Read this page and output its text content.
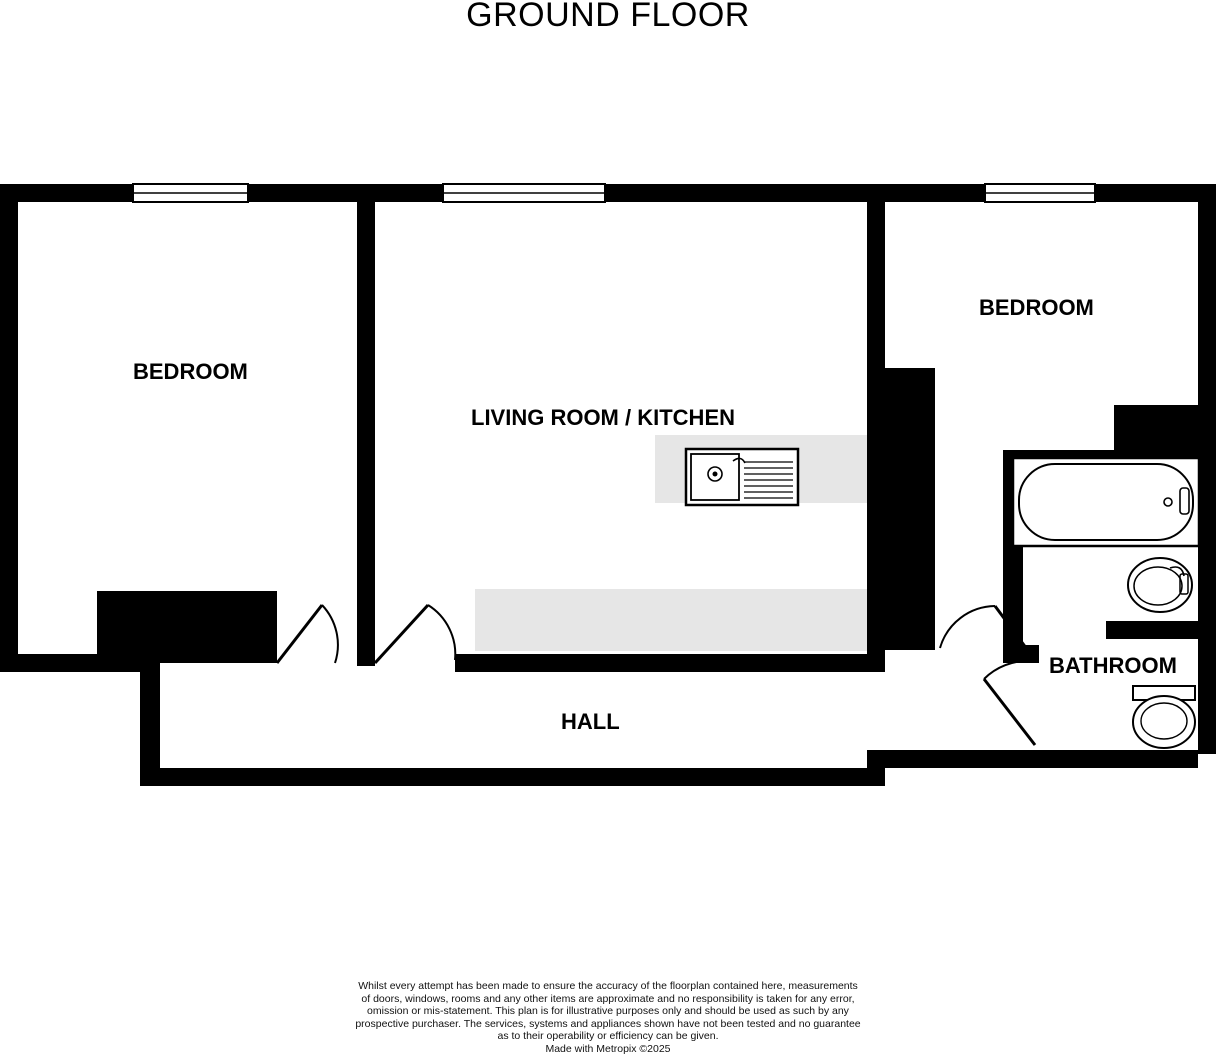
GROUND FLOOR
BEDROOM
LIVING ROOM / KITCHEN
BEDROOM
HALL
BATHROOM
Whilst every attempt has been made to ensure the accuracy of the floorplan contained here, measurements
of doors, windows, rooms and any other items are approximate and no responsibility is taken for any error,
omission or mis-statement. This plan is for illustrative purposes only and should be used as such by any
prospective purchaser. The services, systems and appliances shown have not been tested and no guarantee
as to their operability or efficiency can be given.
Made with Metropix ©2025
